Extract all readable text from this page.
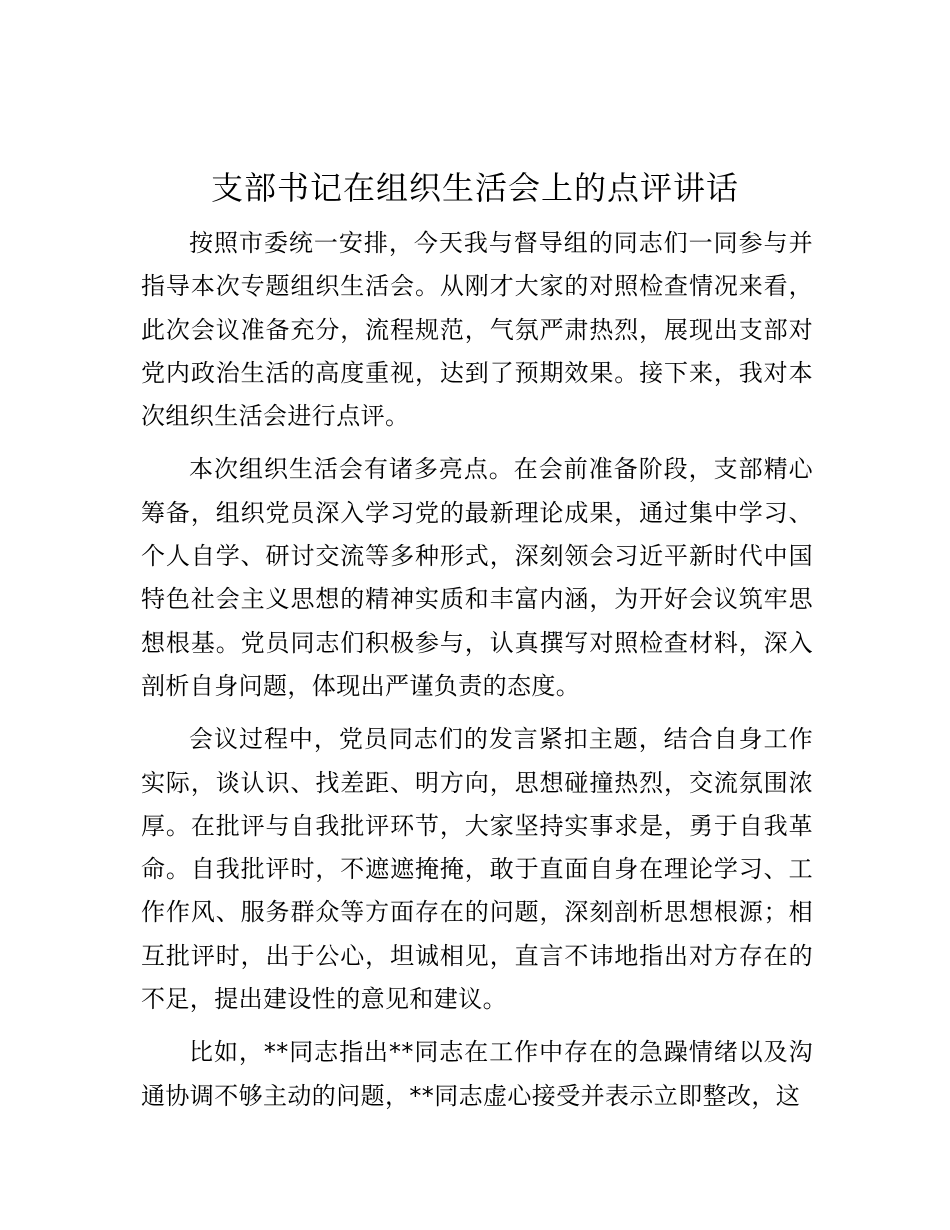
支部书记在组织生活会上的点评讲话

按照市委统一安排，今天我与督导组的同志们一同参与并指导本次专题组织生活会。从刚才大家的对照检查情况来看，此次会议准备充分，流程规范，气氛严肃热烈，展现出支部对党内政治生活的高度重视，达到了预期效果。接下来，我对本次组织生活会进行点评。

本次组织生活会有诸多亮点。在会前准备阶段，支部精心筹备，组织党员深入学习党的最新理论成果，通过集中学习、个人自学、研讨交流等多种形式，深刻领会习近平新时代中国特色社会主义思想的精神实质和丰富内涵，为开好会议筑牢思想根基。党员同志们积极参与，认真撰写对照检查材料，深入剖析自身问题，体现出严谨负责的态度。

会议过程中，党员同志们的发言紧扣主题，结合自身工作实际，谈认识、找差距、明方向，思想碰撞热烈，交流氛围浓厚。在批评与自我批评环节，大家坚持实事求是，勇于自我革命。自我批评时，不遮遮掩掩，敢于直面自身在理论学习、工作作风、服务群众等方面存在的问题，深刻剖析思想根源；相互批评时，出于公心，坦诚相见，直言不讳地指出对方存在的不足，提出建设性的意见和建议。

比如，**同志指出**同志在工作中存在的急躁情绪以及沟通协调不够主动的问题，**同志虚心接受并表示立即整改，这
